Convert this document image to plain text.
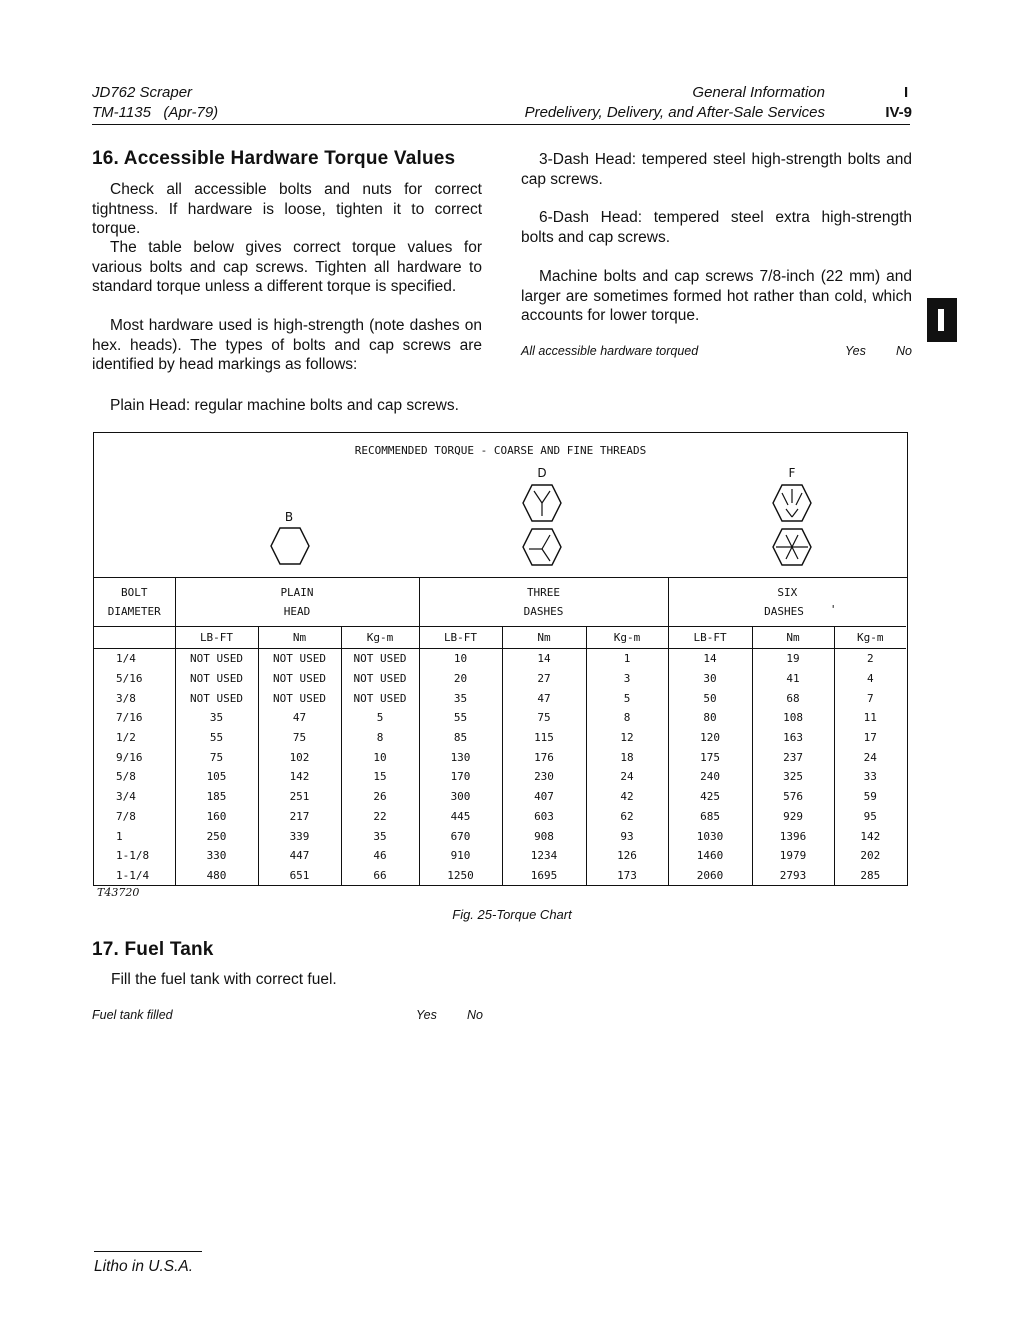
JD762 Scraper
TM-1135   (Apr-79)
General Information
Predelivery, Delivery, and After-Sale Services
I
IV-9
16. Accessible Hardware Torque Values

Check all accessible bolts and nuts for correct tightness. If hardware is loose, tighten it to correct torque.

The table below gives correct torque values for various bolts and cap screws. Tighten all hardware to standard torque unless a different torque is specified.

Most hardware used is high-strength (note dashes on hex. heads). The types of bolts and cap screws are identified by head markings as follows:

Plain Head: regular machine bolts and cap screws.

3-Dash Head: tempered steel high-strength bolts and cap screws.

6-Dash Head: tempered steel extra high-strength bolts and cap screws.

Machine bolts and cap screws 7/8-inch (22 mm) and larger are sometimes formed hot rather than cold, which accounts for lower torque.

All accessible hardware torqued	Yes No
RECOMMENDED TORQUE - COARSE AND FINE THREADS
B
D	F
BOLT
DIAMETER	PLAIN
HEAD			THREE
DASHES			SIX
DASHES '		
	LB-FT	Nm	Kg-m	LB-FT	Nm	Kg-m	LB-FT	Nm	Kg-m
1/4	NOT USED	NOT USED	NOT USED	10	14	1	14	19	2
5/16	NOT USED	NOT USED	NOT USED	20	27	3	30	41	4
3/8	NOT USED	NOT USED	NOT USED	35	47	5	50	68	7
7/16	35	47	5	55	75	8	80	108	11
1/2	55	75	8	85	115	12	120	163	17
9/16	75	102	10	130	176	18	175	237	24
5/8	105	142	15	170	230	24	240	325	33
3/4	185	251	26	300	407	42	425	576	59
7/8	160	217	22	445	603	62	685	929	95
1	250	339	35	670	908	93	1030	1396	142
1-1/8	330	447	46	910	1234	126	1460	1979	202
1-1/4	480	651	66	1250	1695	173	2060	2793	285
T43720
Fig. 25-Torque Chart
17. Fuel Tank

Fill the fuel tank with correct fuel.

Fuel tank filled	Yes No
Litho in U.S.A.
